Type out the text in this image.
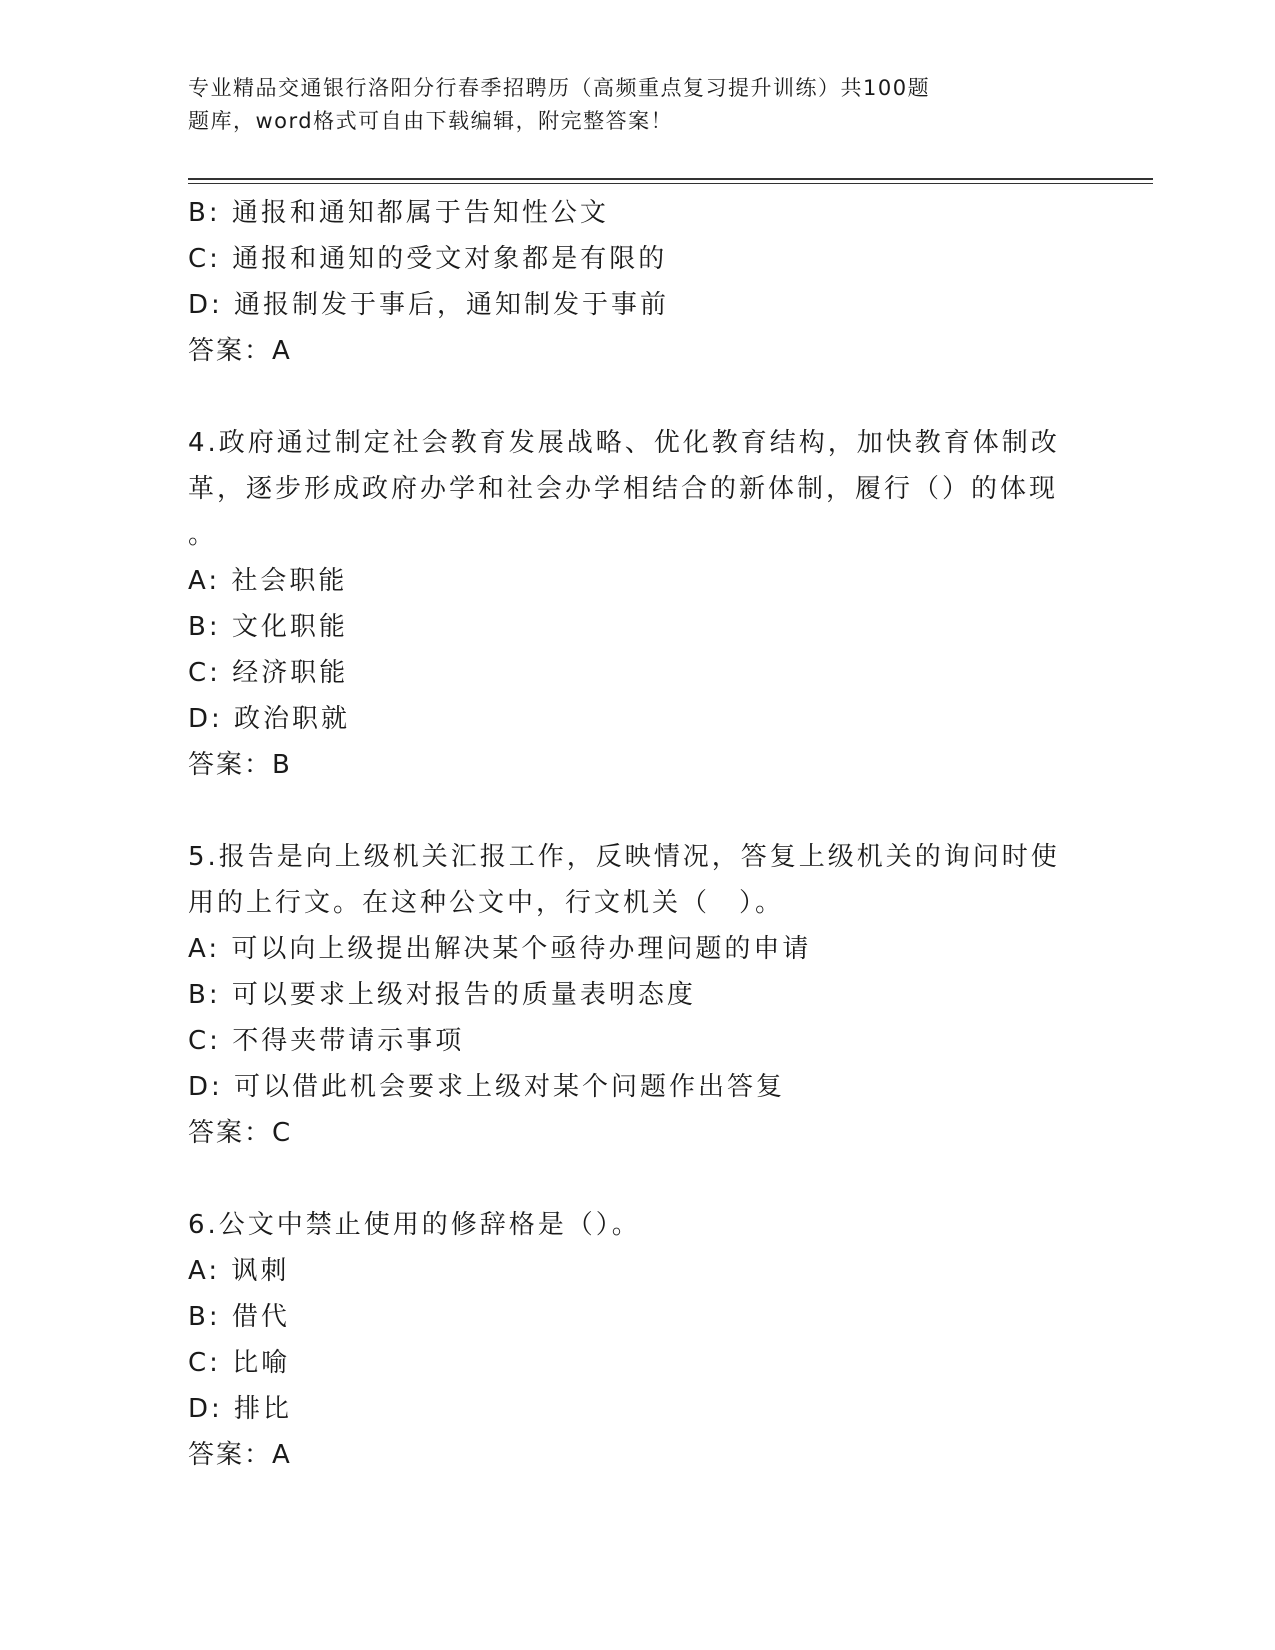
专业精品交通银行洛阳分行春季招聘历（高频重点复习提升训练）共100题
题库，word格式可自由下载编辑，附完整答案！
B: 通报和通知都属于告知性公文
C: 通报和通知的受文对象都是有限的
D: 通报制发于事后，通知制发于事前
答案：A
4.政府通过制定社会教育发展战略、优化教育结构，加快教育体制改
革，逐步形成政府办学和社会办学相结合的新体制，履行（）的体现
。
A: 社会职能
B: 文化职能
C: 经济职能
D: 政治职就
答案：B
5.报告是向上级机关汇报工作，反映情况，答复上级机关的询问时使
用的上行文。在这种公文中，行文机关（　）。
A: 可以向上级提出解决某个亟待办理问题的申请
B: 可以要求上级对报告的质量表明态度
C: 不得夹带请示事项
D: 可以借此机会要求上级对某个问题作出答复
答案：C
6.公文中禁止使用的修辞格是（）。
A: 讽刺
B: 借代
C: 比喻
D: 排比
答案：A
